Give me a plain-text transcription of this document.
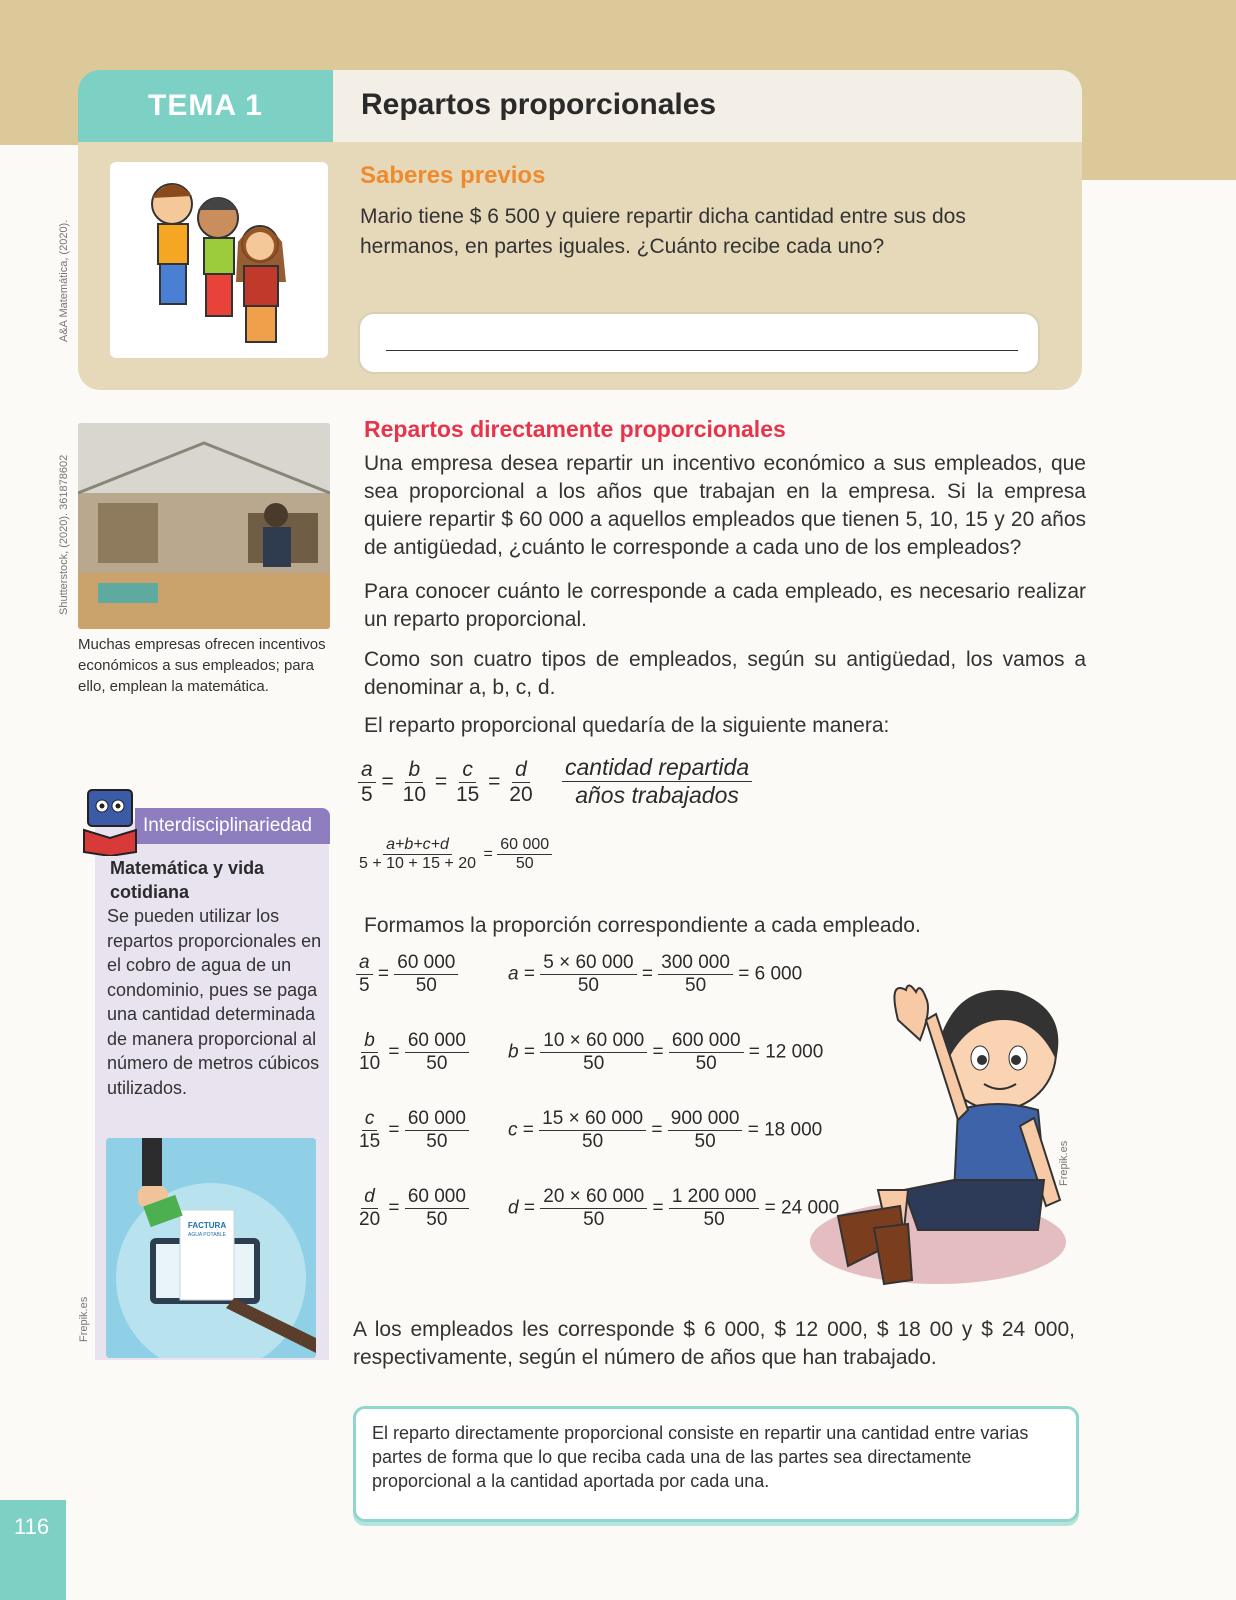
A&A Matemática, (2020).
Shutterstock, (2020). 361878602
Frepik.es
Frepik.es
TEMA 1	Repartos proporcionales
Saberes previos
Mario tiene $ 6 500 y quiere repartir dicha cantidad entre sus dos hermanos, en partes iguales. ¿Cuánto recibe cada uno?
Muchas empresas ofrecen incentivos económicos a sus empleados; para ello, emplean la matemática.
Interdisciplinariedad
Matemática y vida cotidiana
Se pueden utilizar los repartos proporcionales en el cobro de agua de un condominio, pues se paga una cantidad determinada de manera proporcional al número de metros cúbicos utilizados.
FACTURA
AGUA POTABLE
116
Repartos directamente proporcionales
Una empresa desea repartir un incentivo económico a sus empleados, que sea proporcional a los años que trabajan en la empresa. Si la empresa quiere repartir $ 60 000 a aquellos empleados que tienen 5, 10, 15 y 20 años de antigüedad, ¿cuánto le corresponde a cada uno de los empleados?
Para conocer cuánto le corresponde a cada empleado, es necesario realizar un reparto proporcional.
Como son cuatro tipos de empleados, según su antigüedad, los vamos a denominar a, b, c, d.
El reparto proporcional quedaría de la siguiente manera:
$\frac{a}{5} = \frac{b}{10} = \frac{c}{15} = \frac{d}{20} \frac{\text{cantidad repartida}}{\text{años trabajados}}$
$\frac{a+b+c+d}{5 + 10 + 15 + 20} = \frac{60 000}{50}$
Formamos la proporción correspondiente a cada empleado.
$\frac{a}{5} = \frac{60 000}{50}$	$a = \frac{5 \times 60 000}{50} = \frac{300 000}{50} = 6$ 000
$\frac{b}{10} = \frac{60 000}{50}$ $b = \frac{10 \times 60 000}{50} = \frac{600 000}{50} = 12$ 000
$\frac{c}{15} = \frac{60 000}{50}$ $c = \frac{15 \times 60 000}{50} = \frac{900 000}{50} = 18$ 000
$\frac{d}{20} = \frac{60 000}{50}$ $d = \frac{20 \times 60 000}{50} = \frac{1 200 000}{50} = 24$ 000
A los empleados les corresponde $ 6 000, $ 12 000, $ 18 00 y $ 24 000, respectivamente, según el número de años que han trabajado.
El reparto directamente proporcional consiste en repartir una cantidad entre varias partes de forma que lo que reciba cada una de las partes sea directamente proporcional a la cantidad aportada por cada una.
